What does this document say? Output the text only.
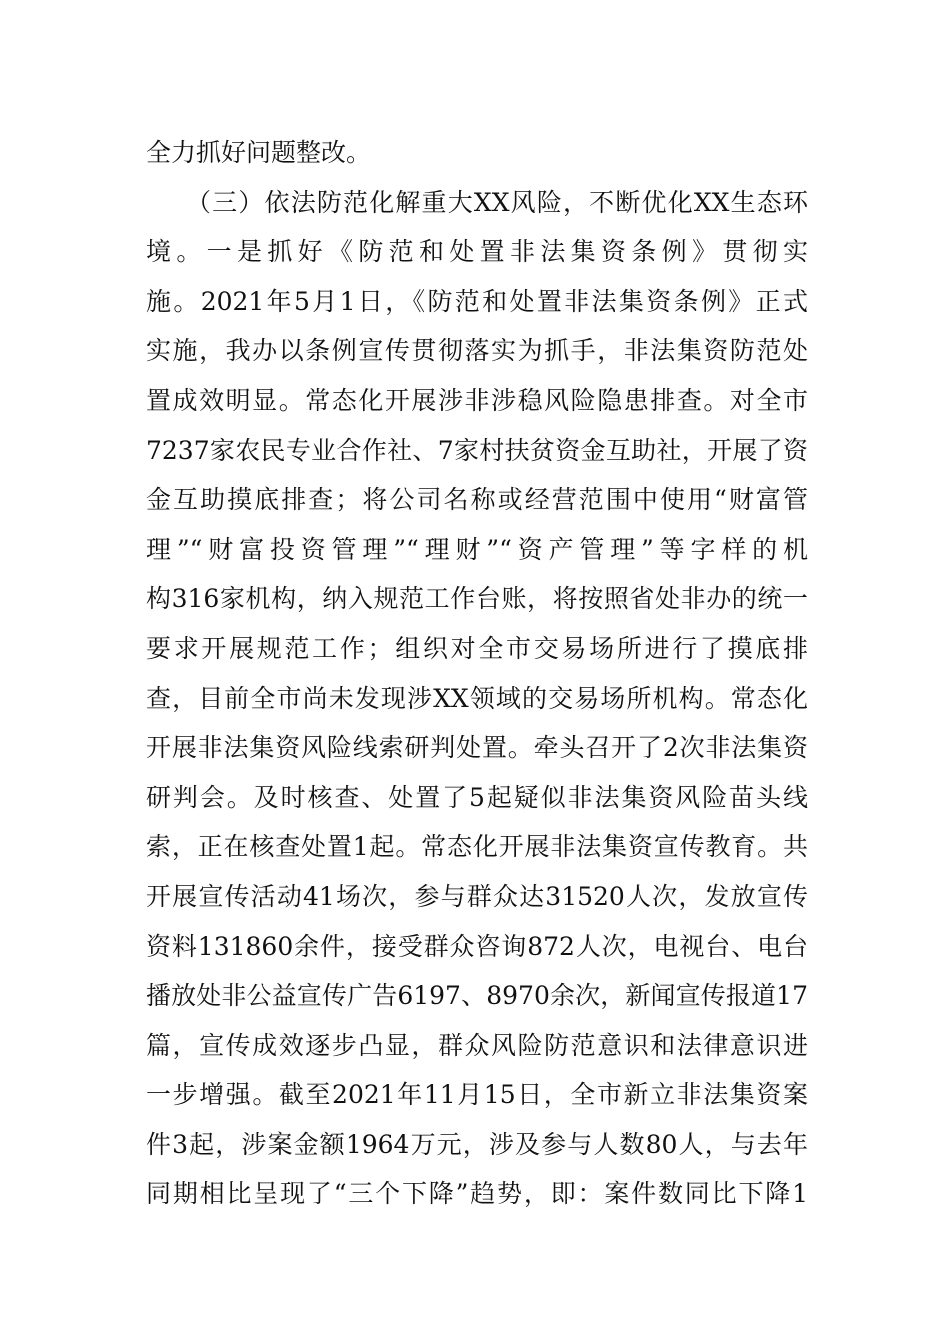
全力抓好问题整改。
（三）依法防范化解重大XX风险，不断优化XX生态环
境。一是抓好《防范和处置非法集资条例》贯彻实
施。2021年5月1日，《防范和处置非法集资条例》正式
实施，我办以条例宣传贯彻落实为抓手，非法集资防范处
置成效明显。常态化开展涉非涉稳风险隐患排查。对全市
7237家农民专业合作社、7家村扶贫资金互助社，开展了资
金互助摸底排查；将公司名称或经营范围中使用“财富管
理”“财富投资管理”“理财”“资产管理”等字样的机
构316家机构，纳入规范工作台账，将按照省处非办的统一
要求开展规范工作；组织对全市交易场所进行了摸底排
查，目前全市尚未发现涉XX领域的交易场所机构。常态化
开展非法集资风险线索研判处置。牵头召开了2次非法集资
研判会。及时核查、处置了5起疑似非法集资风险苗头线
索，正在核查处置1起。常态化开展非法集资宣传教育。共
开展宣传活动41场次，参与群众达31520人次，发放宣传
资料131860余件，接受群众咨询872人次，电视台、电台
播放处非公益宣传广告6197、8970余次，新闻宣传报道17
篇，宣传成效逐步凸显，群众风险防范意识和法律意识进
一步增强。截至2021年11月15日，全市新立非法集资案
件3起，涉案金额1964万元，涉及参与人数80人，与去年
同期相比呈现了“三个下降”趋势，即：案件数同比下降1
